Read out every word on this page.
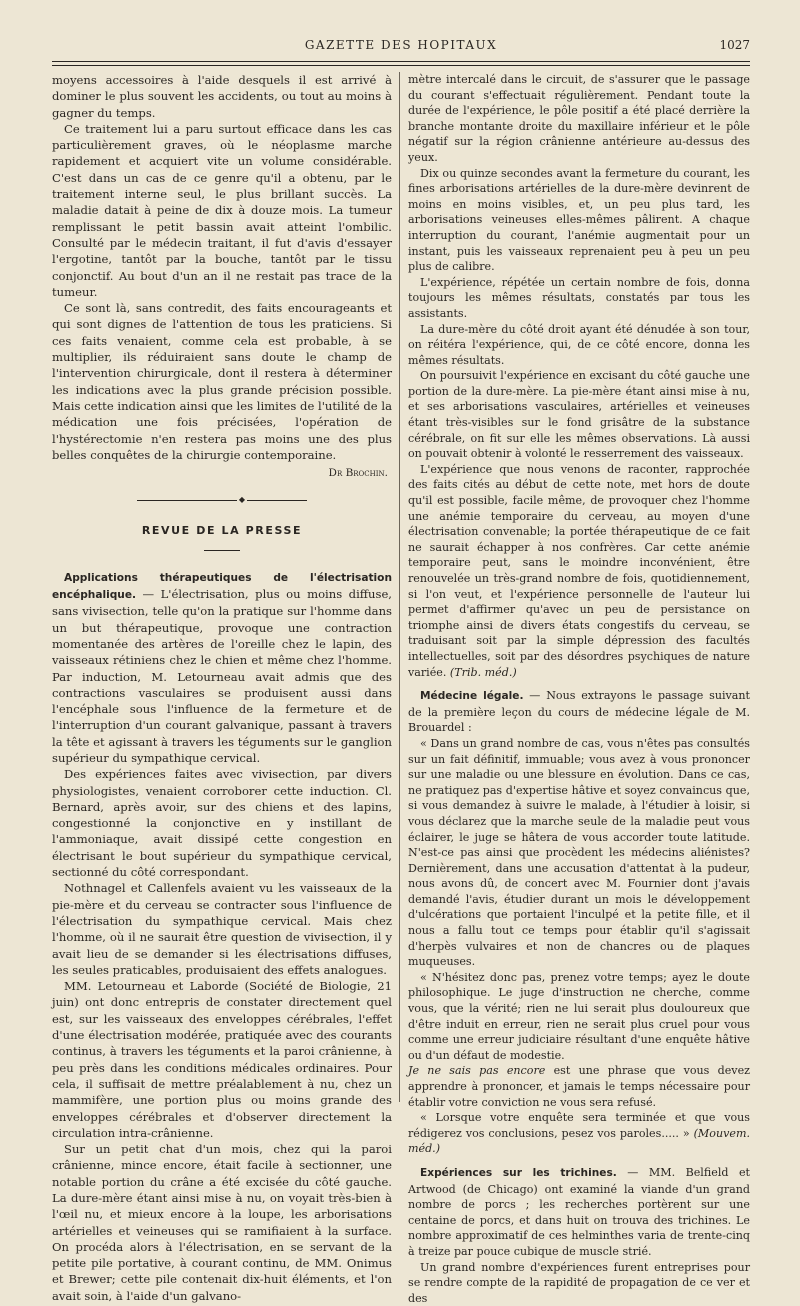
GAZETTE DES HOPITAUX	1027

moyens accessoires à l'aide desquels il est arrivé à dominer le plus souvent les accidents, ou tout au moins à gagner du temps.

Ce traitement lui a paru surtout efficace dans les cas particulièrement graves, où le néoplasme marche rapidement et acquiert vite un volume considérable. C'est dans un cas de ce genre qu'il a obtenu, par le traitement interne seul, le plus brillant succès. La maladie datait à peine de dix à douze mois. La tumeur remplissant le petit bassin avait atteint l'ombilic. Consulté par le médecin traitant, il fut d'avis d'essayer l'ergotine, tantôt par la bouche, tantôt par le tissu conjonctif. Au bout d'un an il ne restait pas trace de la tumeur.

Ce sont là, sans contredit, des faits encourageants et qui sont dignes de l'attention de tous les praticiens. Si ces faits venaient, comme cela est probable, à se multiplier, ils réduiraient sans doute le champ de l'intervention chirurgicale, dont il restera à déterminer les indications avec la plus grande précision possible. Mais cette indication ainsi que les limites de l'utilité de la médication une fois précisées, l'opération de l'hystérectomie n'en restera pas moins une des plus belles conquêtes de la chirurgie contemporaine.

Dr Brochin.
◆
REVUE DE LA PRESSE

Applications thérapeutiques de l'électrisation encéphalique. — L'électrisation, plus ou moins diffuse, sans vivisection, telle qu'on la pratique sur l'homme dans un but thérapeutique, provoque une contraction momentanée des artères de l'oreille chez le lapin, des vaisseaux rétiniens chez le chien et même chez l'homme. Par induction, M. Letourneau avait admis que des contractions vasculaires se produisent aussi dans l'encéphale sous l'influence de la fermeture et de l'interruption d'un courant galvanique, passant à travers la tête et agissant à travers les téguments sur le ganglion supérieur du sympathique cervical.

Des expériences faites avec vivisection, par divers physiologistes, venaient corroborer cette induction. Cl. Bernard, après avoir, sur des chiens et des lapins, congestionné la conjonctive en y instillant de l'ammoniaque, avait dissipé cette congestion en électrisant le bout supérieur du sympathique cervical, sectionné du côté correspondant.

Nothnagel et Callenfels avaient vu les vaisseaux de la pie-mère et du cerveau se contracter sous l'influence de l'électrisation du sympathique cervical. Mais chez l'homme, où il ne saurait être question de vivisection, il y avait lieu de se demander si les électrisations diffuses, les seules praticables, produisaient des effets analogues.

MM. Letourneau et Laborde (Société de Biologie, 21 juin) ont donc entrepris de constater directement quel est, sur les vaisseaux des enveloppes cérébrales, l'effet d'une électrisation modérée, pratiquée avec des courants continus, à travers les téguments et la paroi crânienne, à peu près dans les conditions médicales ordinaires. Pour cela, il suffisait de mettre préalablement à nu, chez un mammifère, une portion plus ou moins grande des enveloppes cérébrales et d'observer directement la circulation intra-crânienne.

Sur un petit chat d'un mois, chez qui la paroi crânienne, mince encore, était facile à sectionner, une notable portion du crâne a été excisée du côté gauche. La dure-mère étant ainsi mise à nu, on voyait très-bien à l'œil nu, et mieux encore à la loupe, les arborisations artérielles et veineuses qui se ramifiaient à la surface. On procéda alors à l'électrisation, en se servant de la petite pile portative, à courant continu, de MM. Onimus et Brewer; cette pile contenait dix-huit éléments, et l'on avait soin, à l'aide d'un galvano-

mètre intercalé dans le circuit, de s'assurer que le passage du courant s'effectuait régulièrement. Pendant toute la durée de l'expérience, le pôle positif a été placé derrière la branche montante droite du maxillaire inférieur et le pôle négatif sur la région crânienne antérieure au-dessus des yeux.

Dix ou quinze secondes avant la fermeture du courant, les fines arborisations artérielles de la dure-mère devinrent de moins en moins visibles, et, un peu plus tard, les arborisations veineuses elles-mêmes pâlirent. A chaque interruption du courant, l'anémie augmentait pour un instant, puis les vaisseaux reprenaient peu à peu un peu plus de calibre.

L'expérience, répétée un certain nombre de fois, donna toujours les mêmes résultats, constatés par tous les assistants.

La dure-mère du côté droit ayant été dénudée à son tour, on réitéra l'expérience, qui, de ce côté encore, donna les mêmes résultats.

On poursuivit l'expérience en excisant du côté gauche une portion de la dure-mère. La pie-mère étant ainsi mise à nu, et ses arborisations vasculaires, artérielles et veineuses étant très-visibles sur le fond grisâtre de la substance cérébrale, on fit sur elle les mêmes observations. Là aussi on pouvait obtenir à volonté le resserrement des vaisseaux.

L'expérience que nous venons de raconter, rapprochée des faits cités au début de cette note, met hors de doute qu'il est possible, facile même, de provoquer chez l'homme une anémie temporaire du cerveau, au moyen d'une électrisation convenable; la portée thérapeutique de ce fait ne saurait échapper à nos confrères. Car cette anémie temporaire peut, sans le moindre inconvénient, être renouvelée un très-grand nombre de fois, quotidiennement, si l'on veut, et l'expérience personnelle de l'auteur lui permet d'affirmer qu'avec un peu de persistance on triomphe ainsi de divers états congestifs du cerveau, se traduisant soit par la simple dépression des facultés intellectuelles, soit par des désordres psychiques de nature variée. (Trib. méd.)

Médecine légale. — Nous extrayons le passage suivant de la première leçon du cours de médecine légale de M. Brouardel :

« Dans un grand nombre de cas, vous n'êtes pas consultés sur un fait définitif, immuable; vous avez à vous prononcer sur une maladie ou une blessure en évolution. Dans ce cas, ne pratiquez pas d'expertise hâtive et soyez convaincus que, si vous demandez à suivre le malade, à l'étudier à loisir, si vous déclarez que la marche seule de la maladie peut vous éclairer, le juge se hâtera de vous accorder toute latitude. N'est-ce pas ainsi que procèdent les médecins aliénistes? Dernièrement, dans une accusation d'attentat à la pudeur, nous avons dû, de concert avec M. Fournier dont j'avais demandé l'avis, étudier durant un mois le développement d'ulcérations que portaient l'inculpé et la petite fille, et il nous a fallu tout ce temps pour établir qu'il s'agissait d'herpès vulvaires et non de chancres ou de plaques muqueuses.

« N'hésitez donc pas, prenez votre temps; ayez le doute philosophique. Le juge d'instruction ne cherche, comme vous, que la vérité; rien ne lui serait plus douloureux que d'être induit en erreur, rien ne serait plus cruel pour vous comme une erreur judiciaire résultant d'une enquête hâtive ou d'un défaut de modestie.

Je ne sais pas encore est une phrase que vous devez apprendre à prononcer, et jamais le temps nécessaire pour établir votre conviction ne vous sera refusé.

« Lorsque votre enquête sera terminée et que vous rédigerez vos conclusions, pesez vos paroles..... » (Mouvem. méd.)

Expériences sur les trichines. — MM. Belfield et Artwood (de Chicago) ont examiné la viande d'un grand nombre de porcs ; les recherches portèrent sur une centaine de porcs, et dans huit on trouva des trichines. Le nombre approximatif de ces helminthes varia de trente-cinq à treize par pouce cubique de muscle strié.

Un grand nombre d'expériences furent entreprises pour se rendre compte de la rapidité de propagation de ce ver et des
